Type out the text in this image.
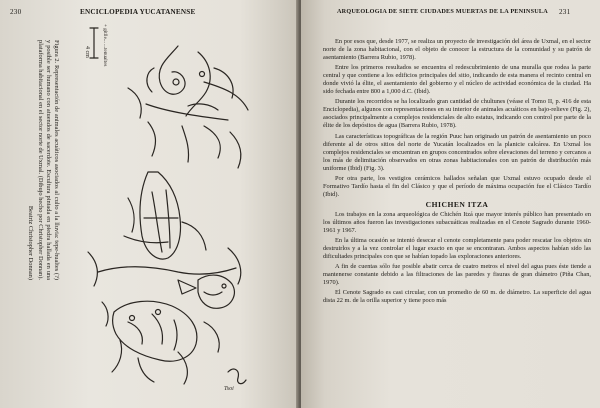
230	ENCICLOPEDIA YUCATANENSE
Figura 2. Representación de animales acuáticos asociados al culto a la lluvia: tepe-hualtes (?) y posible ser humano con atuendos de sacerdote. Escultura pintada en piedra hallada en una plataforma habitacional en el sector norte de Uxmal. (Dibujo hecho por Christopher Donnan).
Beatriz Christopher Donnan)
4 cm + gitlle... ...tenualtes
Tsoi
ARQUEOLOGIA DE SIETE CIUDADES MUERTAS DE LA PENINSULA 231

En por esos que, desde 1977, se realiza un proyecto de investigación del área de Uxmal, en el sector norte de la zona habitacional, con el objeto de conocer la estructura de la comunidad y su patrón de asentamiento (Barrera Rubio, 1978).

Entre los primeros resultados se encuentra el redescubrimiento de una muralla que rodea la parte central y que contiene a los edificios principales del sitio, indicando de esta manera el recinto central en donde vivió la élite, el asentamiento del gobierno y el núcleo de actividad económica de la ciudad. Ha sido fechada entre 800 a 1,000 d.C. (Ibid).

Durante los recorridos se ha localizado gran cantidad de chultunes (véase el Tomo II, p. 416 de esta Enciclopedia), algunos con representaciones en su interior de animales acuáticos en bajo-relieve (Fig. 2), asociados principalmente a complejos residenciales de alto estatus, indicando con control por parte de la élite de los depósitos de agua (Barrera Rubio, 1978).

Las características topográficas de la región Puuc han originado un patrón de asentamiento un poco diferente al de otros sitios del norte de Yucatán localizados en la planicie calcárea. En Uxmal los complejos residenciales se encuentran en grupos concentrados sobre elevaciones del terreno y cercanos a los más de delimitación observados en otras zonas habitacionales con un patrón de distribución más uniforme (Ibid) (Fig. 3).

Por otra parte, los vestigios cerámicos hallados señalan que Uxmal estuvo ocupado desde el Formativo Tardío hasta el fin del Clásico y que el período de máxima ocupación fue el Clásico Tardío (Ibid).

CHICHEN ITZA

Los trabajos en la zona arqueológica de Chichén Itzá que mayor interés público han presentado en los últimos años fueron las investigaciones subacuáticas realizadas en el Cenote Sagrado durante 1960-1961 y 1967.

En la última ocasión se intentó desecar el cenote completamente para poder rescatar los objetos sin destruirlos y a la vez controlar el lugar exacto en que se encontraran. Ambos aspectos habían sido las dificultades principales con que se habían topado las exploraciones anteriores.

A fin de cuentas sólo fue posible abatir cerca de cuatro metros el nivel del agua pues éste tiende a mantenerse constante debido a las filtraciones de las paredes y fisuras de gran diámetro (Piña Chan, 1970).

El Cenote Sagrado es casi circular, con un promedio de 60 m. de diámetro. La superficie del agua dista 22 m. de la orilla superior y tiene poco más
